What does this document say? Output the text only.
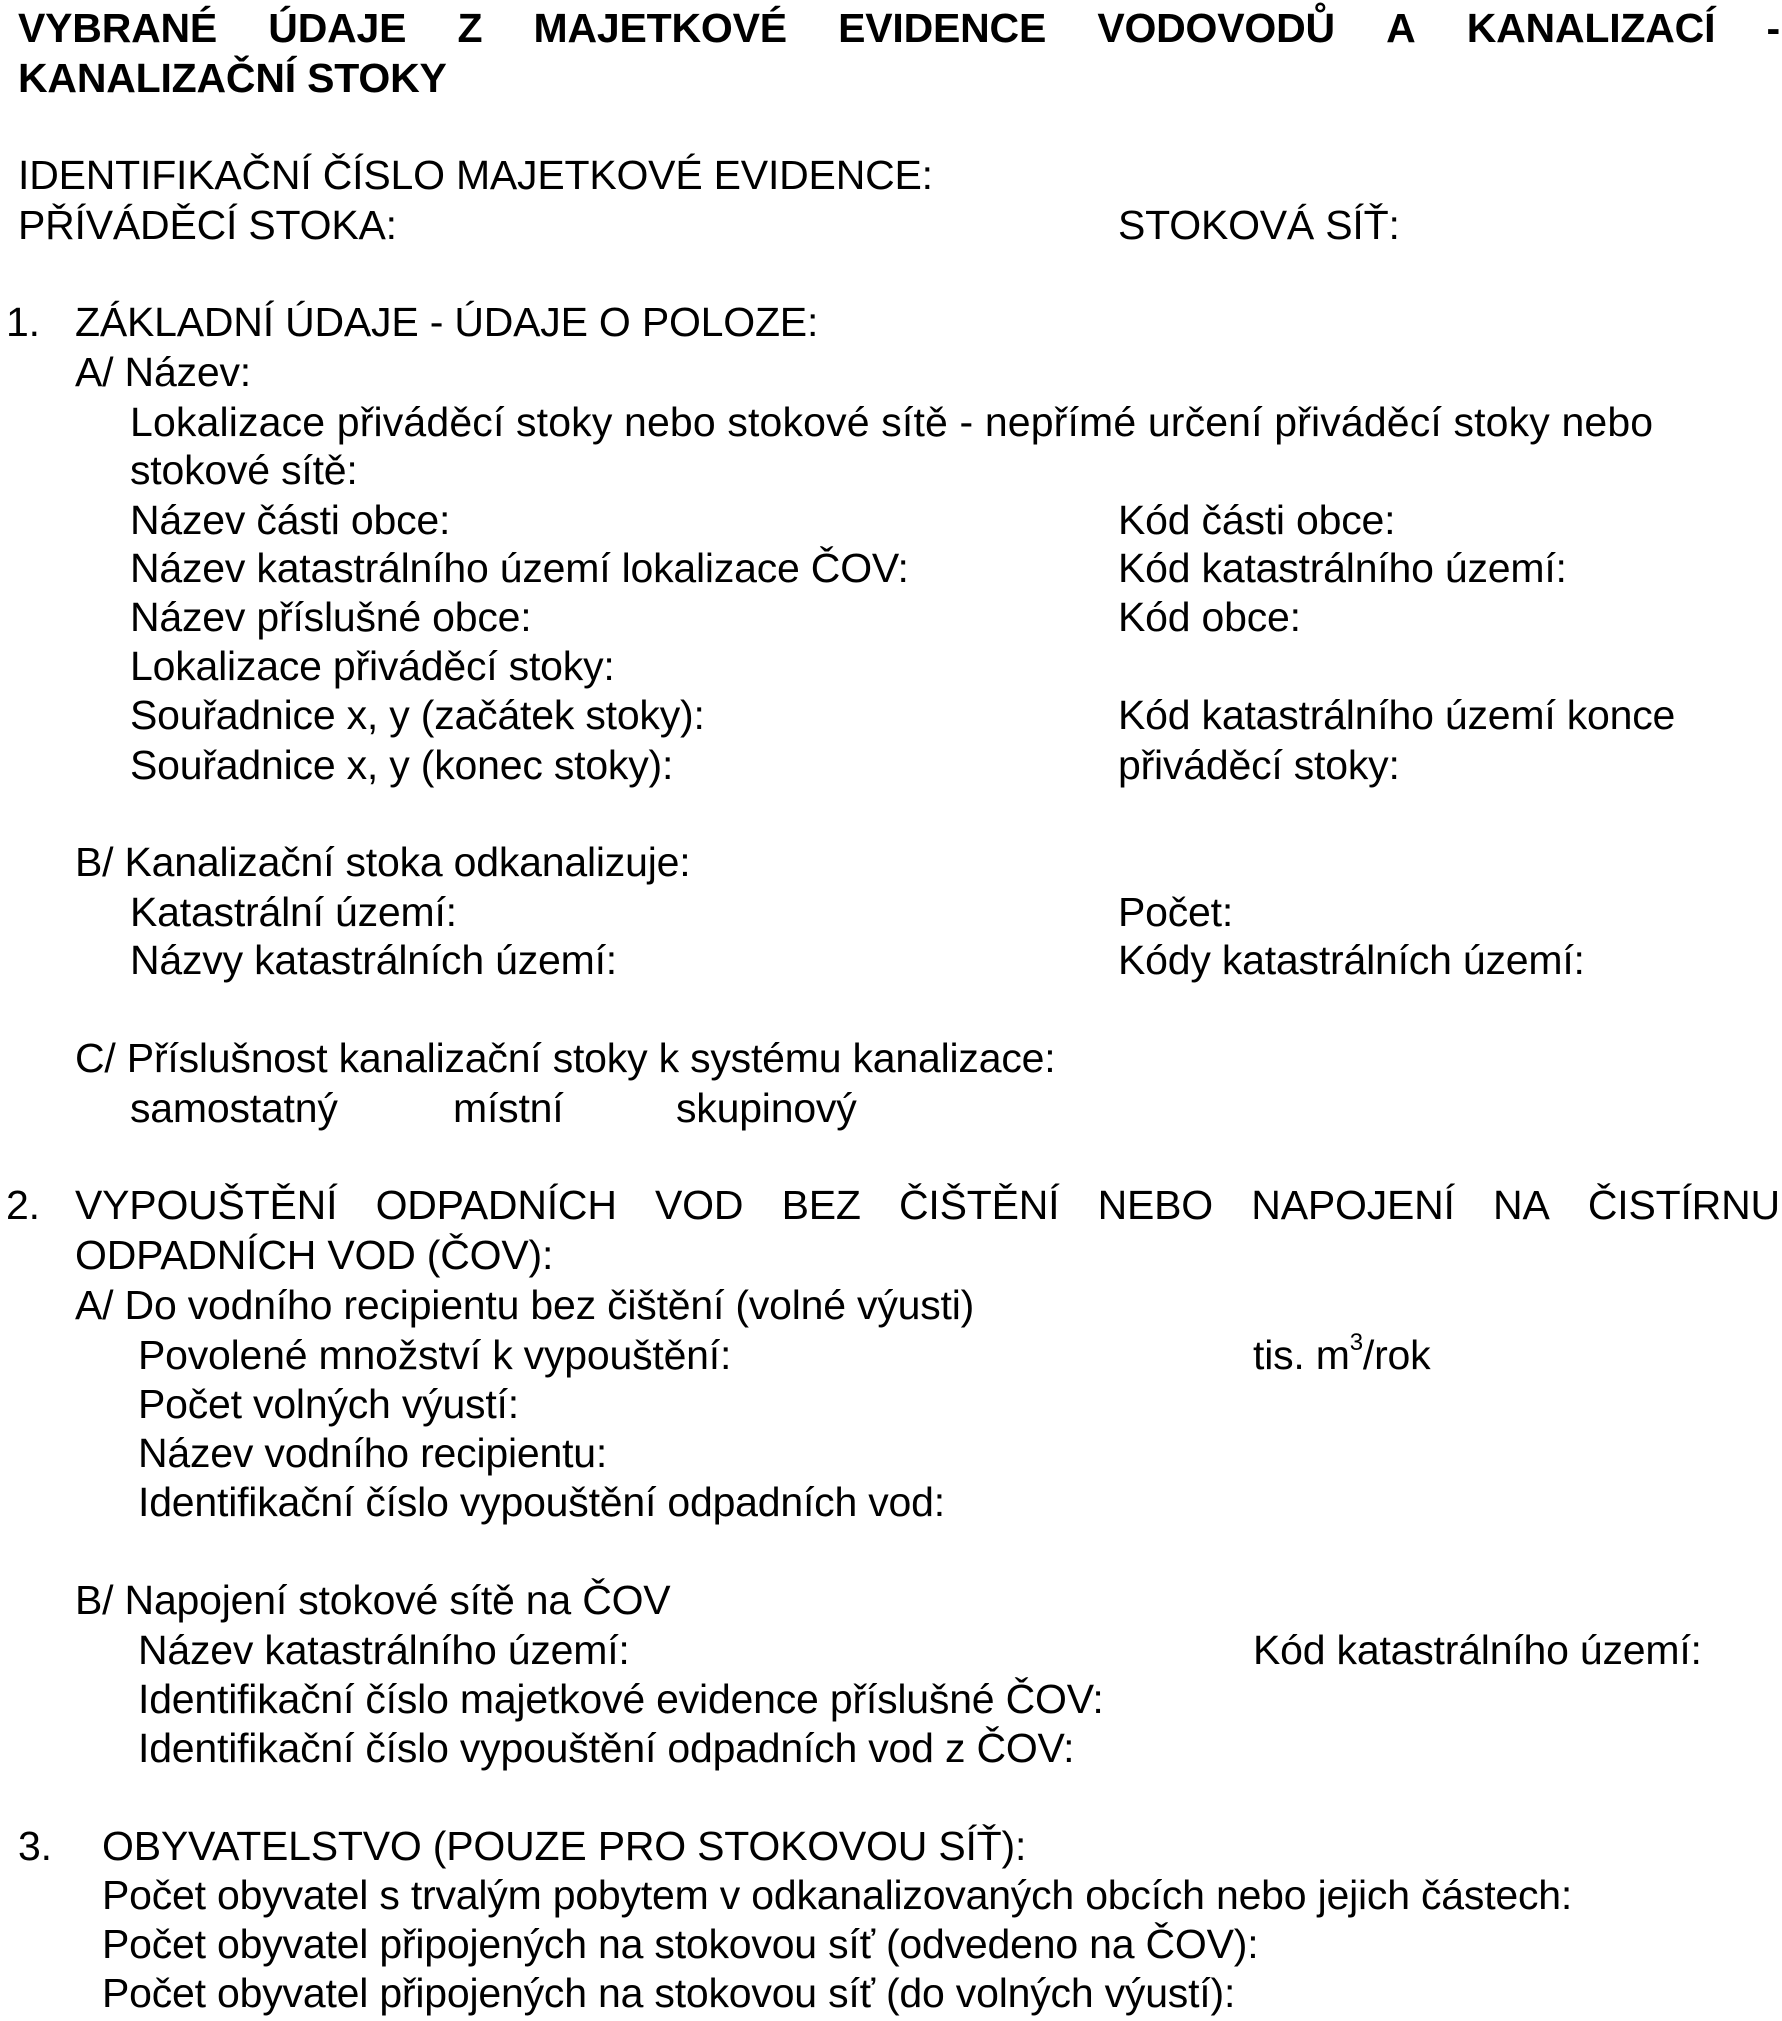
VYBRANÉ ÚDAJE Z MAJETKOVÉ EVIDENCE VODOVODŮ A KANALIZACÍ -
KANALIZAČNÍ STOKY
IDENTIFIKAČNÍ ČÍSLO MAJETKOVÉ EVIDENCE:
PŘÍVÁDĚCÍ STOKA:	STOKOVÁ SÍŤ:
1. ZÁKLADNÍ ÚDAJE - ÚDAJE O POLOZE:
A/ Název:
Lokalizace přiváděcí stoky nebo stokové sítě - nepřímé určení přiváděcí stoky nebo
stokové sítě:
Název části obce:	Kód části obce:
Název katastrálního území lokalizace ČOV:	Kód katastrálního území:
Název příslušné obce:	Kód obce:
Lokalizace přiváděcí stoky:
Souřadnice x, y (začátek stoky):	Kód katastrálního území konce
Souřadnice x, y (konec stoky):	přiváděcí stoky:
B/ Kanalizační stoka odkanalizuje:
Katastrální území:	Počet:
Názvy katastrálních území:	Kódy katastrálních území:
C/ Příslušnost kanalizační stoky k systému kanalizace:
samostatný	místní	skupinový
2. VYPOUŠTĚNÍ ODPADNÍCH VOD BEZ ČIŠTĚNÍ NEBO NAPOJENÍ NA ČISTÍRNU
ODPADNÍCH VOD (ČOV):
A/ Do vodního recipientu bez čištění (volné výusti)
Povolené množství k vypouštění:	tis. $m^3$/rok
Počet volných výustí:
Název vodního recipientu:
Identifikační číslo vypouštění odpadních vod:
B/ Napojení stokové sítě na ČOV
Název katastrálního území:	Kód katastrálního území:
Identifikační číslo majetkové evidence příslušné ČOV:
Identifikační číslo vypouštění odpadních vod z ČOV:
3. OBYVATELSTVO (POUZE PRO STOKOVOU SÍŤ):
Počet obyvatel s trvalým pobytem v odkanalizovaných obcích nebo jejich částech:
Počet obyvatel připojených na stokovou síť (odvedeno na ČOV):
Počet obyvatel připojených na stokovou síť (do volných výustí):
